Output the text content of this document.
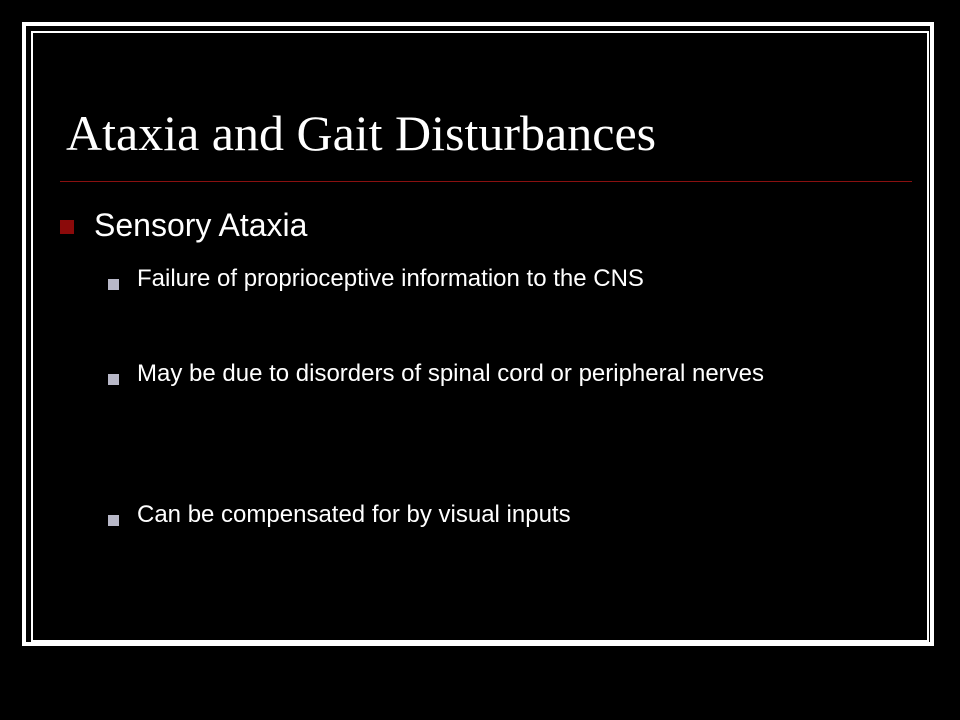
Ataxia and Gait Disturbances
Sensory Ataxia
Failure of proprioceptive information to the CNS
May be due to disorders of spinal cord or peripheral nerves
Can be compensated for by visual inputs
